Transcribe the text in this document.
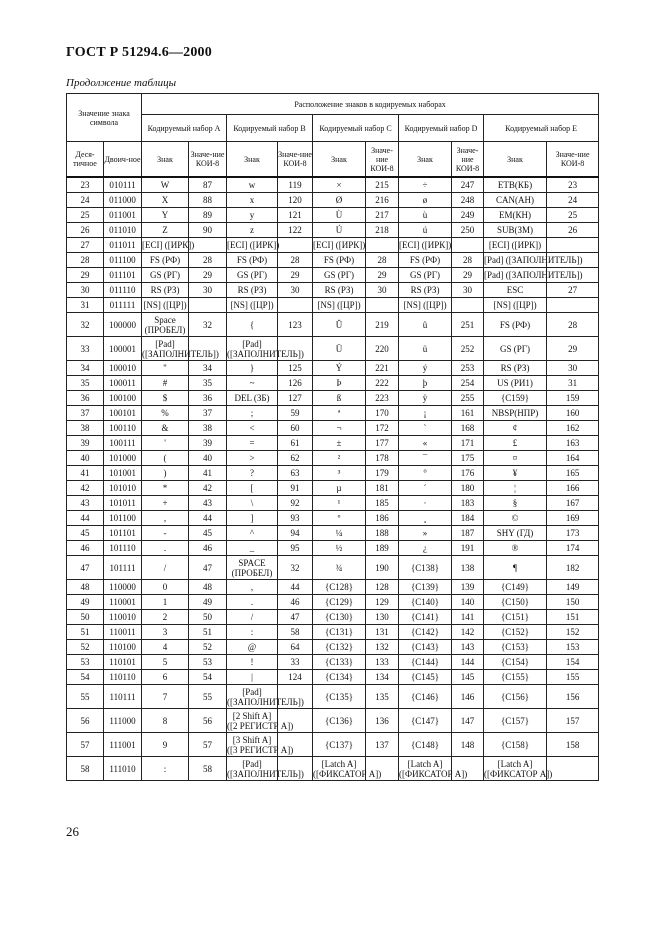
ГОСТ Р 51294.6—2000
Продолжение таблицы
Значение знака символа		Расположение знаков в кодируемых наборах									
		Кодируемый набор A		Кодируемый набор B		Кодируемый набор C		Кодируемый набор D		Кодируемый набор E	
Деся-тичное	Двоич-ное	Знак	Значе-ние КОИ-8	Знак	Значе-ние КОИ-8	Знак	Значе-ние КОИ-8	Знак	Значе-ние КОИ-8	Знак	Значе-ние КОИ-8
23	010111	W	87	w	119	×	215	÷	247	ETB(КБ)	23
24	011000	X	88	x	120	Ø	216	ø	248	CAN(АН)	24
25	011001	Y	89	y	121	Ù	217	ù	249	EM(КН)	25
26	011010	Z	90	z	122	Ú	218	ú	250	SUB(ЗМ)	26
27	011011	[ECI] ([ИРК])		[ECI] ([ИРК])		[ECI] ([ИРК])		[ECI] ([ИРК])		[ECI] ([ИРК])	

28	011100	FS (РФ)	28	FS (РФ)	28	FS (РФ)	28	FS (РФ)	28	[Pad] ([ЗАПОЛНИТЕЛЬ])	

29	011101	GS (РГ)	29	GS (РГ)	29	GS (РГ)	29	GS (РГ)	29	[Pad] ([ЗАПОЛНИТЕЛЬ])	

30	011110	RS (РЗ)	30	RS (РЗ)	30	RS (РЗ)	30	RS (РЗ)	30	ESC	27
31	011111	[NS] ([ЦР])		[NS] ([ЦР])		[NS] ([ЦР])		[NS] ([ЦР])		[NS] ([ЦР])	

32	100000	Space
(ПРОБЕЛ)	32	{	123	Û	219	û	251	FS (РФ)	28
33	100001	[Pad]
([ЗАПОЛНИТЕЛЬ])		[Pad]
([ЗАПОЛНИТЕЛЬ])		Ü	220	ü	252	GS (РГ)	29
34	100010	"	34	}	125	Ý	221	ý	253	RS (РЗ)	30
35	100011	#	35	~	126	Þ	222	þ	254	US (РИ1)	31
36	100100	$	36	DEL (ЗБ)	127	ß	223	ÿ	255	{C159}	159
37	100101	%	37	;	59	ª	170	¡	161	NBSP(НПР)	160
38	100110	&	38	<	60	¬	172	`	168	¢	162
39	100111	'	39	=	61	±	177	«	171	£	163
40	101000	(	40	>	62	²	178	¯	175	¤	164
41	101001	)	41	?	63	³	179	°	176	¥	165
42	101010	*	42	[	91	µ	181	´	180	¦	166
43	101011	+	43	\	92	¹	185	·	183	§	167
44	101100	,	44	]	93	º	186	¸	184	©	169
45	101101	-	45	^	94	¼	188	»	187	SHY (ГД)	173
46	101110	.	46	_	95	½	189	¿	191	®	174
47	101111	/	47	SPACE
(ПРОБЕЛ)	32	¾	190	{C138}	138	¶	182
48	110000	0	48	,	44	{C128}	128	{C139}	139	{C149}	149
49	110001	1	49	.	46	{C129}	129	{C140}	140	{C150}	150
50	110010	2	50	/	47	{C130}	130	{C141}	141	{C151}	151
51	110011	3	51	:	58	{C131}	131	{C142}	142	{C152}	152
52	110100	4	52	@	64	{C132}	132	{C143}	143	{C153}	153
53	110101	5	53	!	33	{C133}	133	{C144}	144	{C154}	154
54	110110	6	54	|	124	{C134}	134	{C145}	145	{C155}	155
55	110111	7	55	[Pad]
([ЗАПОЛНИТЕЛЬ])		{C135}	135	{C146}	146	{C156}	156
56	111000	8	56	[2 Shift A]
([2 РЕГИСТР A])		{C136}	136	{C147}	147	{C157}	157
57	111001	9	57	[3 Shift A]
([3 РЕГИСТР A])		{C137}	137	{C148}	148	{C158}	158
58	111010	:	58	[Pad]
([ЗАПОЛНИТЕЛЬ])		[Latch A]
([ФИКСАТОР A])		[Latch A]
([ФИКСАТОР A])		[Latch A]
([ФИКСАТОР A])	

26
